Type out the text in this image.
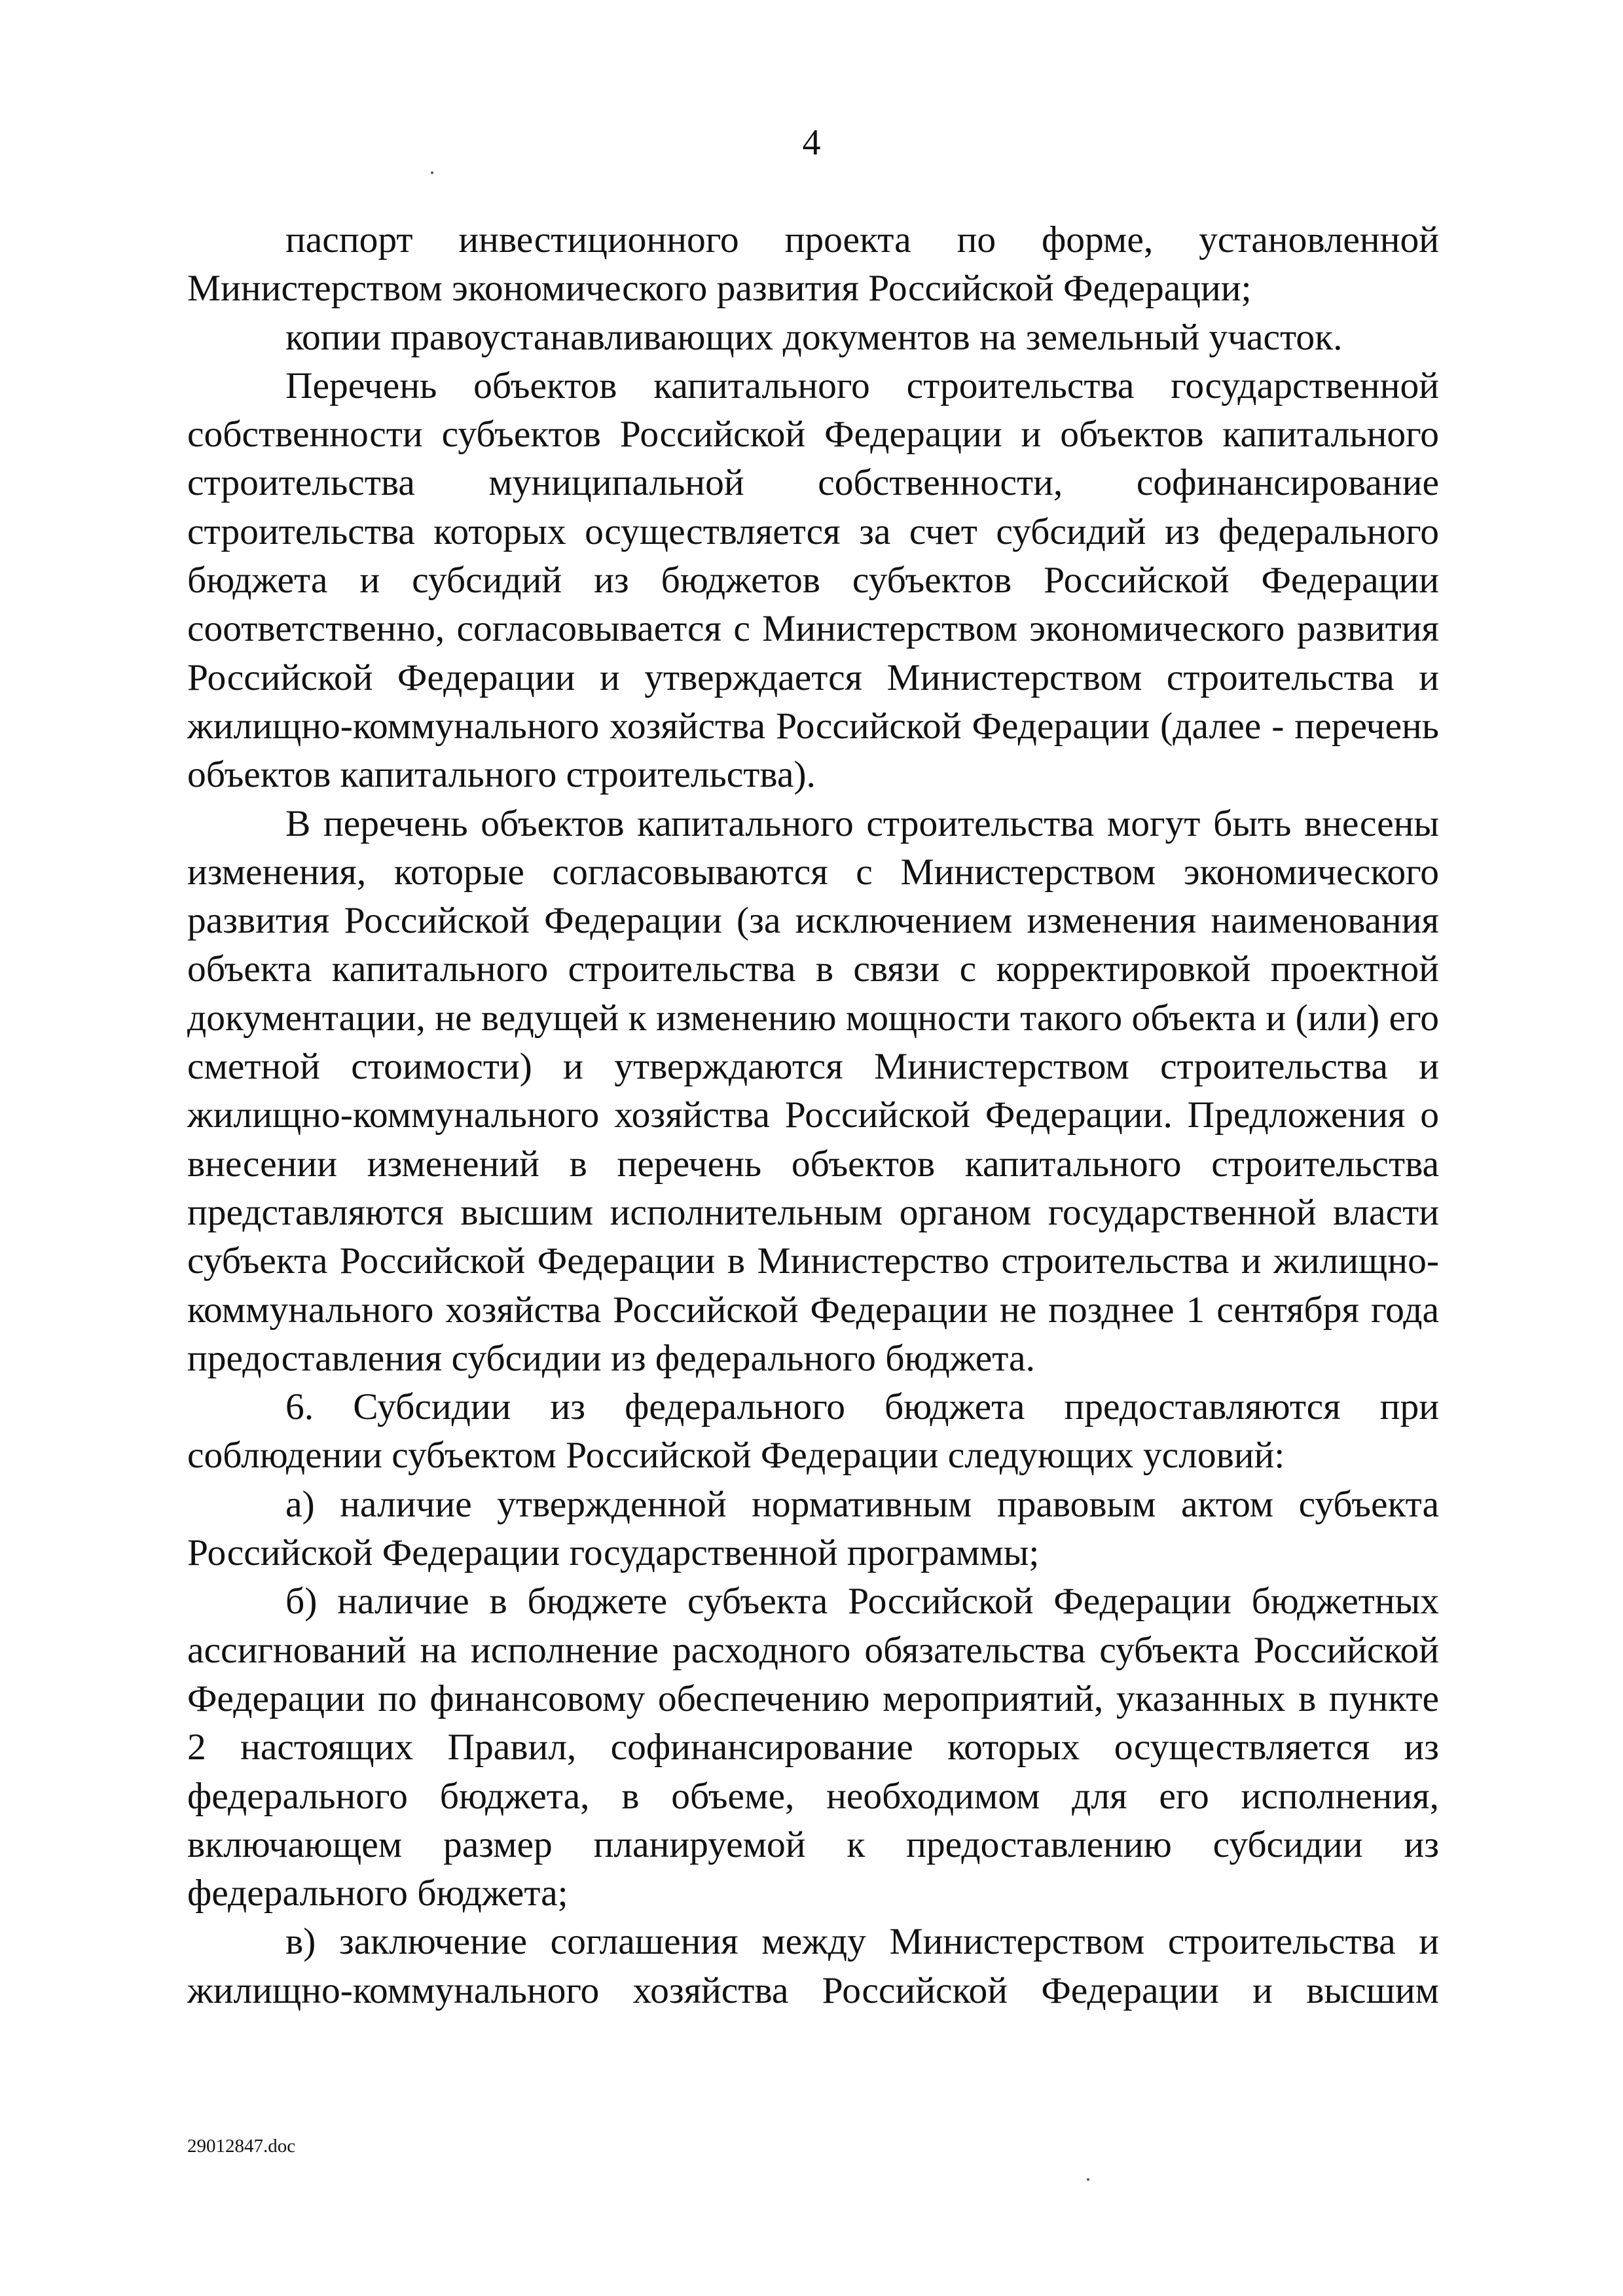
4

паспорт инвестиционного проекта по форме, установленной Министерством экономического развития Российской Федерации;

копии правоустанавливающих документов на земельный участок.

Перечень объектов капитального строительства государственной собственности субъектов Российской Федерации и объектов капитального строительства муниципальной собственности, софинансирование строительства которых осуществляется за счет субсидий из федерального бюджета и субсидий из бюджетов субъектов Российской Федерации соответственно, согласовывается с Министерством экономического развития Российской Федерации и утверждается Министерством строительства и жилищно-коммунального хозяйства Российской Федерации (далее - перечень объектов капитального строительства).

В перечень объектов капитального строительства могут быть внесены изменения, которые согласовываются с Министерством экономического развития Российской Федерации (за исключением изменения наименования объекта капитального строительства в связи с корректировкой проектной документации, не ведущей к изменению мощности такого объекта и (или) его сметной стоимости) и утверждаются Министерством строительства и жилищно-коммунального хозяйства Российской Федерации. Предложения о внесении изменений в перечень объектов капитального строительства представляются высшим исполнительным органом государственной власти субъекта Российской Федерации в Министерство строительства и жилищно-коммунального хозяйства Российской Федерации не позднее 1 сентября года предоставления субсидии из федерального бюджета.

6. Субсидии из федерального бюджета предоставляются при соблюдении субъектом Российской Федерации следующих условий:

а) наличие утвержденной нормативным правовым актом субъекта Российской Федерации государственной программы;

б) наличие в бюджете субъекта Российской Федерации бюджетных ассигнований на исполнение расходного обязательства субъекта Российской Федерации по финансовому обеспечению мероприятий, указанных в пункте 2 настоящих Правил, софинансирование которых осуществляется из федерального бюджета, в объеме, необходимом для его исполнения, включающем размер планируемой к предоставлению субсидии из федерального бюджета;

в) заключение соглашения между Министерством строительства и жилищно-коммунального хозяйства Российской Федерации и высшим

29012847.doc
